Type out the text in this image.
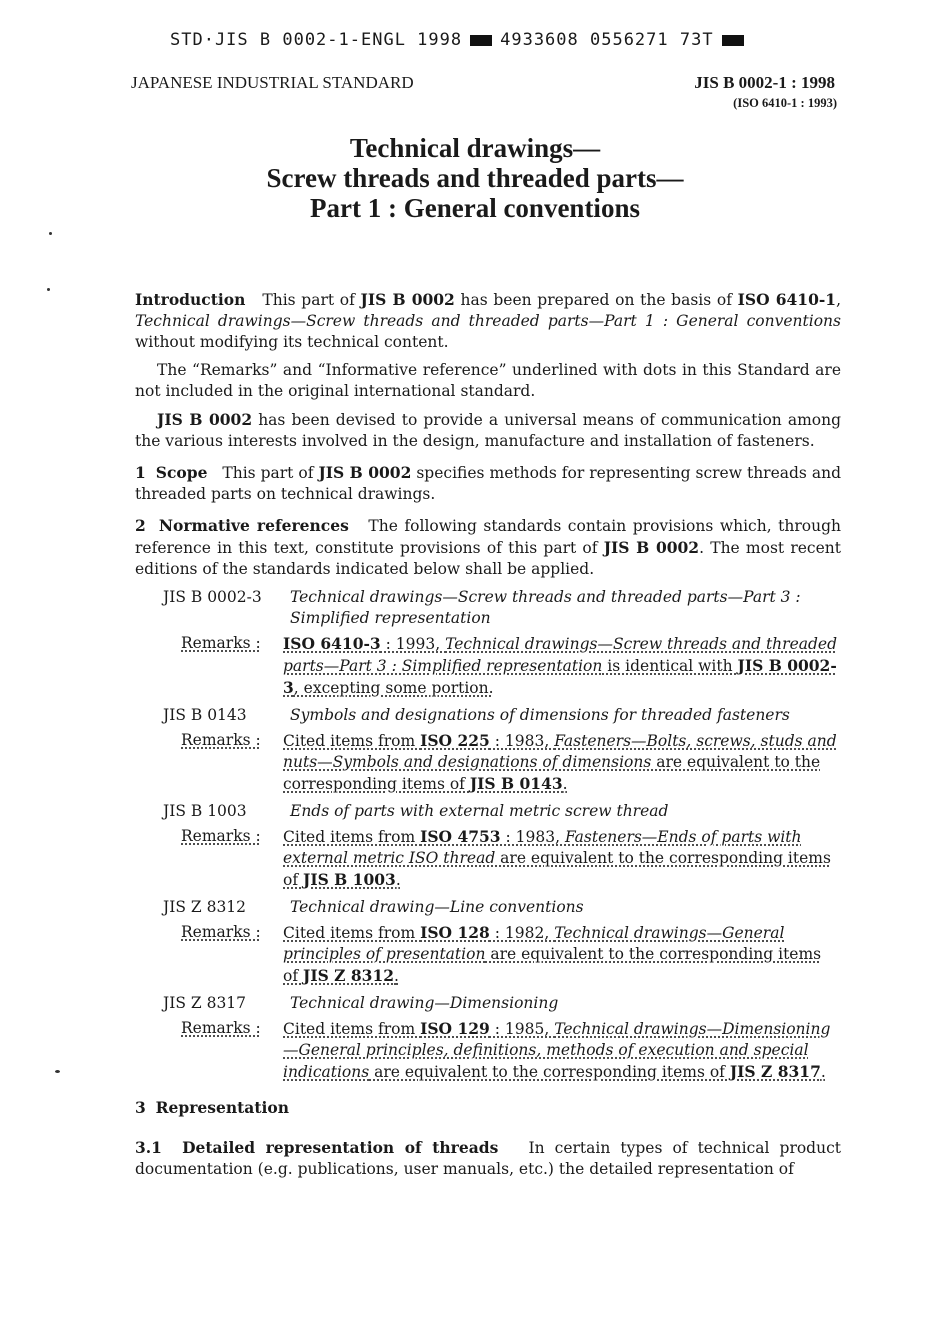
STD·JIS B 0002-1-ENGL 1998 4933608 0556271 73T
JAPANESE INDUSTRIAL STANDARD	JIS B 0002-1 : 1998
(ISO 6410-1 : 1993)
Technical drawings—
Screw threads and threaded parts—
Part 1 : General conventions

Introduction This part of JIS B 0002 has been prepared on the basis of ISO 6410-1, Technical drawings—Screw threads and threaded parts—Part 1 : General conventions without modifying its technical content.

The “Remarks” and “Informative reference” underlined with dots in this Standard are not included in the original international standard.

JIS B 0002 has been devised to provide a universal means of communication among the various interests involved in the design, manufacture and installation of fasteners.

1 Scope This part of JIS B 0002 specifies methods for representing screw threads and threaded parts on technical drawings.

2 Normative references The following standards contain provisions which, through reference in this text, constitute provisions of this part of JIS B 0002. The most recent editions of the standards indicated below shall be applied.

JIS B 0002-3	Technical drawings—Screw threads and threaded parts—Part 3 : Simplified representation
Remarks : ISO 6410-3 : 1993, Technical drawings—Screw threads and threaded parts—Part 3 : Simplified representation is identical with JIS B 0002-3, excepting some portion.
JIS B 0143	Symbols and designations of dimensions for threaded fasteners
Remarks : Cited items from ISO 225 : 1983, Fasteners—Bolts, screws, studs and nuts—Symbols and designations of dimensions are equivalent to the corresponding items of JIS B 0143.
JIS B 1003	Ends of parts with external metric screw thread
Remarks : Cited items from ISO 4753 : 1983, Fasteners—Ends of parts with external metric ISO thread are equivalent to the corresponding items of JIS B 1003.
JIS Z 8312	Technical drawing—Line conventions
Remarks : Cited items from ISO 128 : 1982, Technical drawings—General principles of presentation are equivalent to the corresponding items of JIS Z 8312.
JIS Z 8317	Technical drawing—Dimensioning
Remarks : Cited items from ISO 129 : 1985, Technical drawings—Dimensioning—General principles, definitions, methods of execution and special indications are equivalent to the corresponding items of JIS Z 8317.

3 Representation

3.1 Detailed representation of threads In certain types of technical product documentation (e.g. publications, user manuals, etc.) the detailed representation of
